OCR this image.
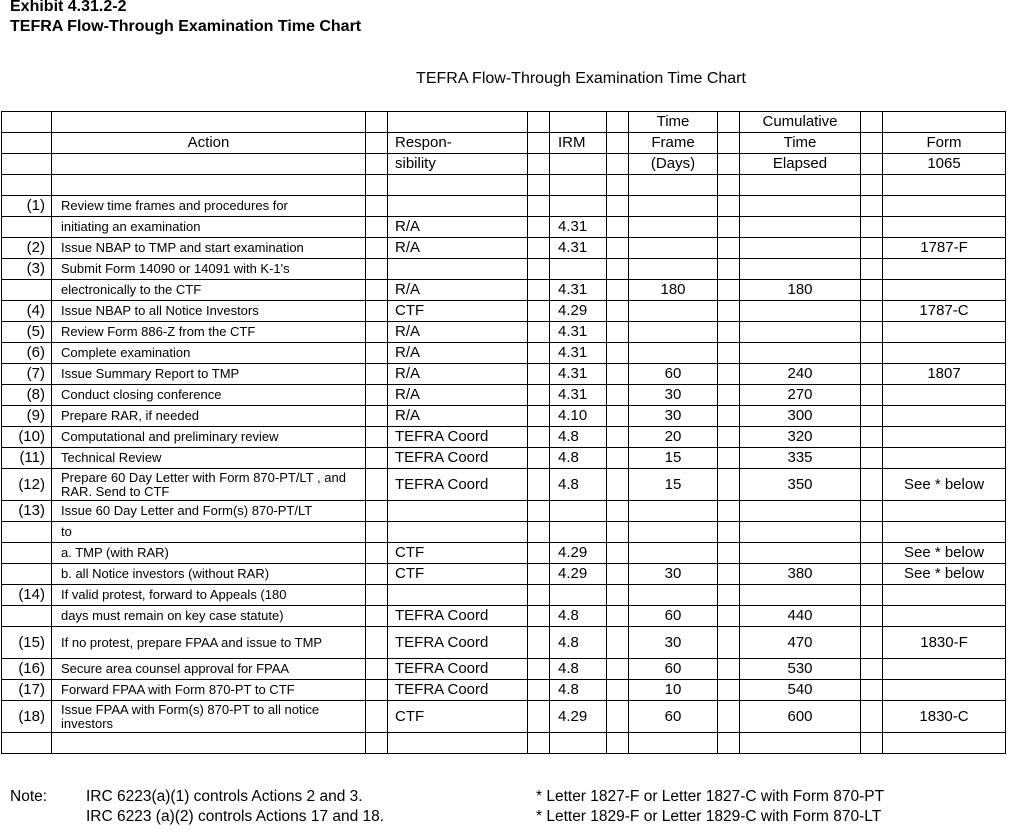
Exhibit 4.31.2-2
TEFRA Flow-Through Examination Time Chart
TEFRA Flow-Through Examination Time Chart
							Time		Cumulative		
	Action		Respon-		IRM		Frame		Time		Form
			sibility				(Days)		Elapsed		1065

(1)	Review time frames and procedures for										
	initiating an examination		R/A		4.31						
(2)	Issue NBAP to TMP and start examination		R/A		4.31						1787-F
(3)	Submit Form 14090 or 14091 with K-1's										
	electronically to the CTF		R/A		4.31		180		180		
(4)	Issue NBAP to all Notice Investors		CTF		4.29						1787-C
(5)	Review Form 886-Z from the CTF		R/A		4.31						
(6)	Complete examination		R/A		4.31						
(7)	Issue Summary Report to TMP		R/A		4.31		60		240		1807
(8)	Conduct closing conference		R/A		4.31		30		270		
(9)	Prepare RAR, if needed		R/A		4.10		30		300		
(10)	Computational and preliminary review		TEFRA Coord		4.8		20		320		
(11)	Technical Review		TEFRA Coord		4.8		15		335		
(12)	Prepare 60 Day Letter with Form 870-PT/LT , and RAR. Send to CTF		TEFRA Coord		4.8		15		350		See * below
(13)	Issue 60 Day Letter and Form(s) 870-PT/LT										
	to										
	a. TMP (with RAR)		CTF		4.29						See * below
	b. all Notice investors (without RAR)		CTF		4.29		30		380		See * below
(14)	If valid protest, forward to Appeals (180										
	days must remain on key case statute)		TEFRA Coord		4.8		60		440		
(15)	If no protest, prepare FPAA and issue to TMP		TEFRA Coord		4.8		30		470		1830-F
(16)	Secure area counsel approval for FPAA		TEFRA Coord		4.8		60		530		
(17)	Forward FPAA with Form 870-PT to CTF		TEFRA Coord		4.8		10		540		
(18)	Issue FPAA with Form(s) 870-PT to all notice investors		CTF		4.29		60		600		1830-C

Note:	IRC 6223(a)(1) controls Actions 2 and 3.
IRC 6223 (a)(2) controls Actions 17 and 18.
* Letter 1827-F or Letter 1827-C with Form 870-PT
* Letter 1829-F or Letter 1829-C with Form 870-LT
